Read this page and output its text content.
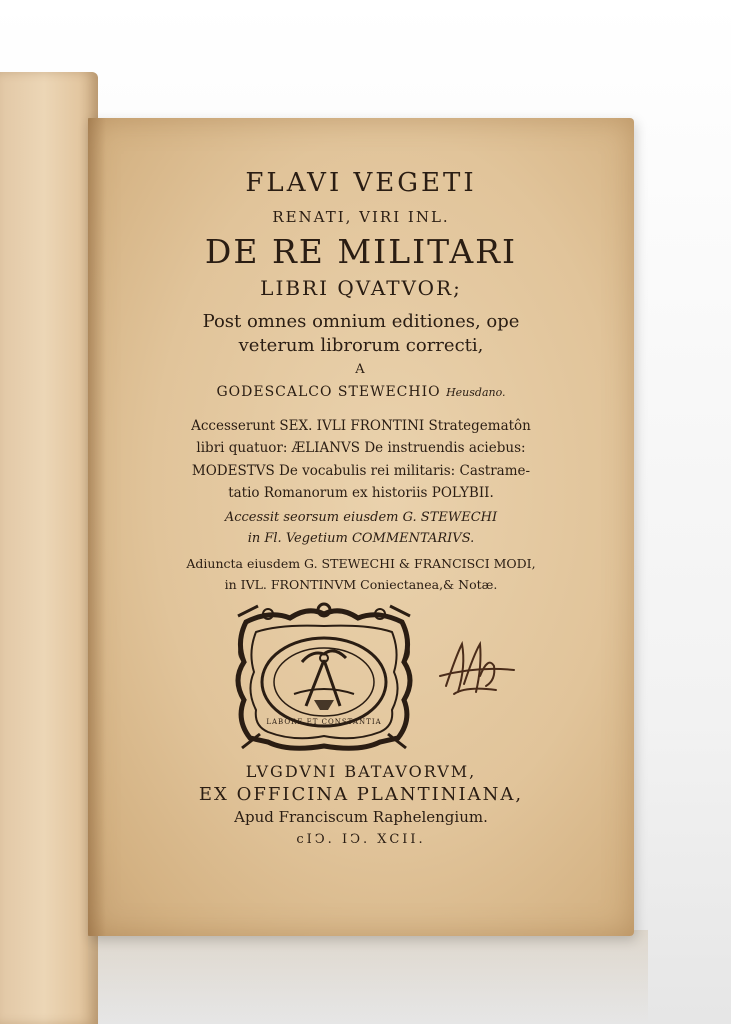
FLAVI VEGETI
RENATI, VIRI INL.
DE RE MILITARI
LIBRI QVATVOR;
Post omnes omnium editiones, ope
veterum librorum correcti,
A
GODESCALCO STEWECHIO Heusdano.
Accesserunt SEX. IVLI FRONTINI Strategematôn
libri quatuor: ÆLIANVS De instruendis aciebus:
MODESTVS De vocabulis rei militaris: Castrame-
tatio Romanorum ex historiis POLYBII.
Accessit seorsum eiusdem G. STEWECHI
in Fl. Vegetium COMMENTARIVS.
Adiuncta eiusdem G. STEWECHI & FRANCISCI MODI,
in IVL. FRONTINVM Coniectanea,& Notæ.
LABORE ET CONSTANTIA
LVGDVNI BATAVORVM,
EX OFFICINA PLANTINIANA,
Apud Franciscum Raphelengium.
cIↃ. IↃ. XCII.
